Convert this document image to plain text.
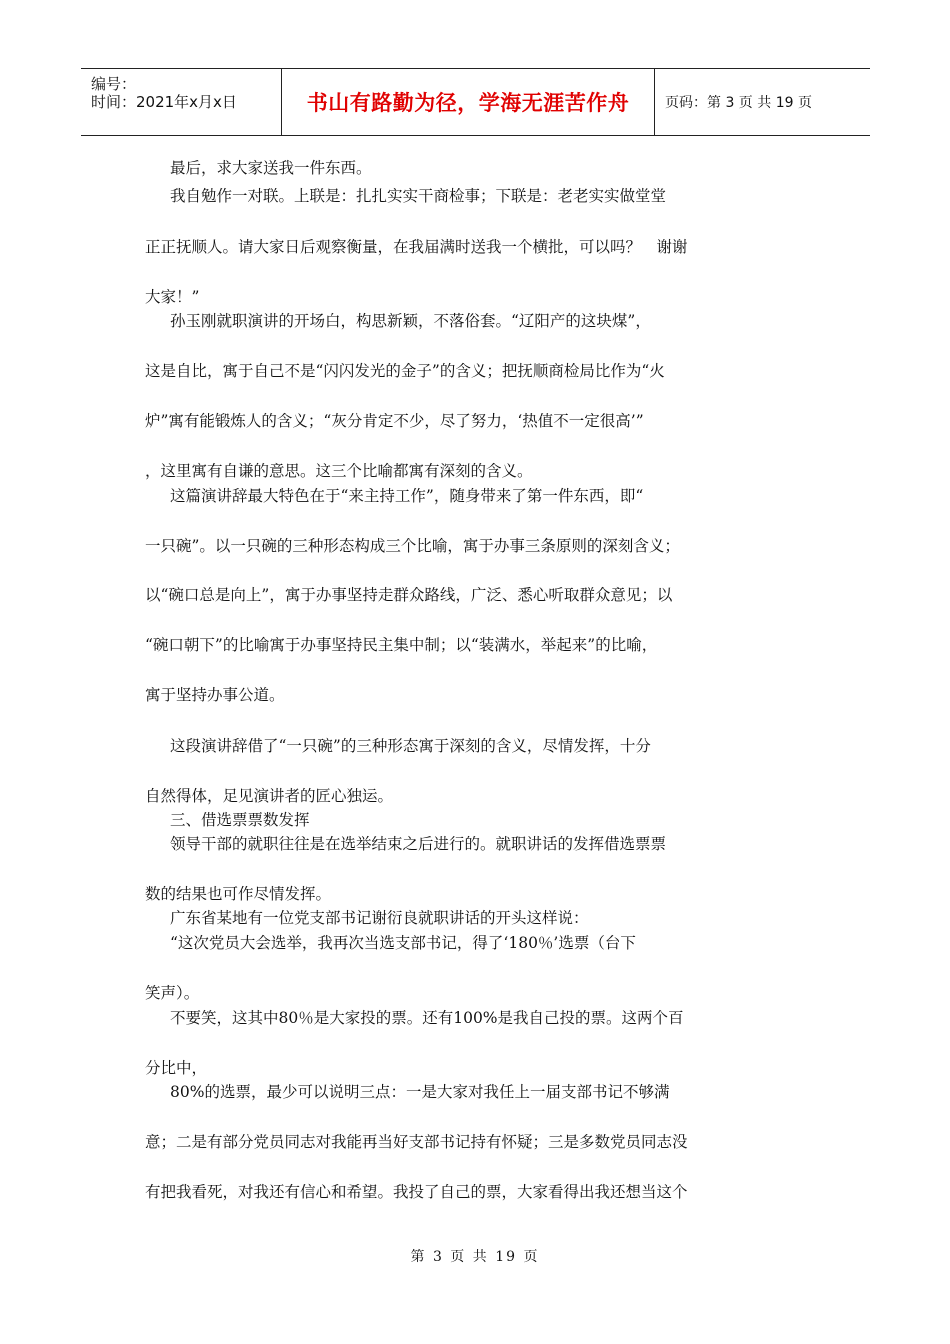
编号：
时间：2021年x月x日	书山有路勤为径，学海无涯苦作舟	页码：第 3 页 共 19 页
最后，求大家送我一件东西。
我自勉作一对联。上联是：扎扎实实干商检事；下联是：老老实实做堂堂
正正抚顺人。请大家日后观察衡量，在我届满时送我一个横批，可以吗？　谢谢
大家！”
孙玉刚就职演讲的开场白，构思新颖，不落俗套。“辽阳产的这块煤”，
这是自比，寓于自己不是“闪闪发光的金子”的含义；把抚顺商检局比作为“火
炉”寓有能锻炼人的含义；“灰分肯定不少，尽了努力，‘热值不一定很高’”
，这里寓有自谦的意思。这三个比喻都寓有深刻的含义。
这篇演讲辞最大特色在于“来主持工作”，随身带来了第一件东西，即“
一只碗”。以一只碗的三种形态构成三个比喻，寓于办事三条原则的深刻含义；
以“碗口总是向上”，寓于办事坚持走群众路线，广泛、悉心听取群众意见；以
“碗口朝下”的比喻寓于办事坚持民主集中制；以“装满水，举起来”的比喻，
寓于坚持办事公道。
这段演讲辞借了“一只碗”的三种形态寓于深刻的含义，尽情发挥，十分
自然得体，足见演讲者的匠心独运。
三、借选票票数发挥
领导干部的就职往往是在选举结束之后进行的。就职讲话的发挥借选票票
数的结果也可作尽情发挥。
广东省某地有一位党支部书记谢衍良就职讲话的开头这样说：
“这次党员大会选举，我再次当选支部书记，得了‘180％’选票（台下
笑声）。
不要笑，这其中80％是大家投的票。还有100%是我自己投的票。这两个百
分比中，
80%的选票，最少可以说明三点：一是大家对我任上一届支部书记不够满
意；二是有部分党员同志对我能再当好支部书记持有怀疑；三是多数党员同志没
有把我看死，对我还有信心和希望。我投了自己的票，大家看得出我还想当这个
第 3 页 共 19 页
